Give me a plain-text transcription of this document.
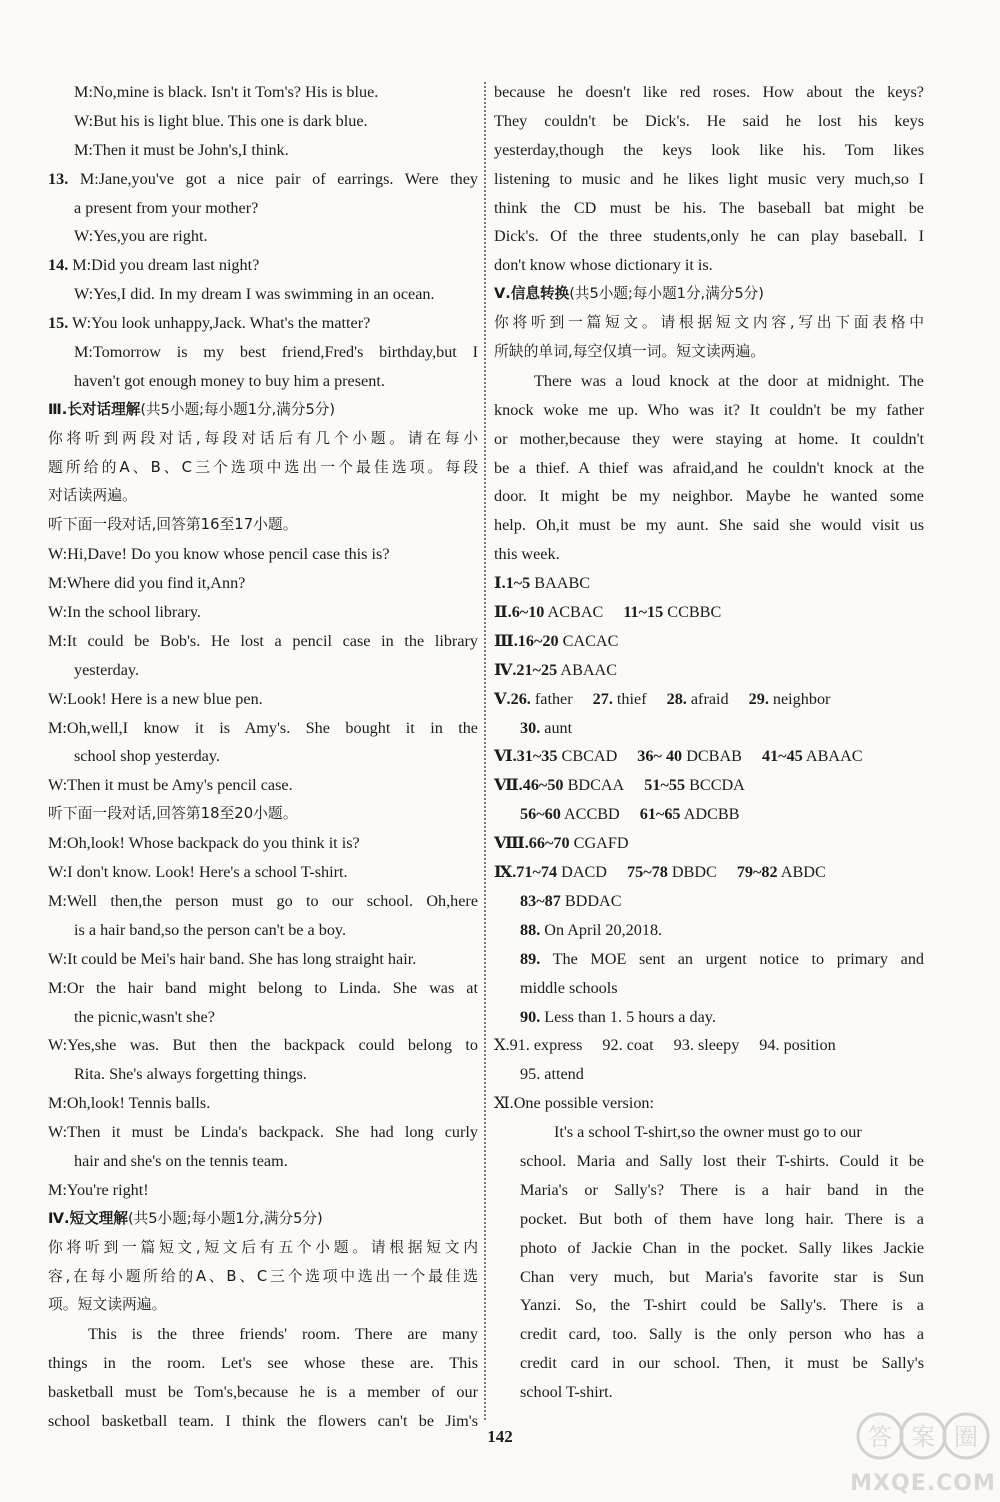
M:No,mine is black. Isn't it Tom's? His is blue.
W:But his is light blue. This one is dark blue.
M:Then it must be John's,I think.
13. M:Jane,you've got a nice pair of earrings. Were they
a present from your mother?
W:Yes,you are right.
14. M:Did you dream last night?
W:Yes,I did. In my dream I was swimming in an ocean.
15. W:You look unhappy,Jack. What's the matter?
M:Tomorrow is my best friend,Fred's birthday,but I
haven't got enough money to buy him a present.
Ⅲ.长对话理解(共5小题;每小题1分,满分5分)
你将听到两段对话,每段对话后有几个小题。请在每小
题所给的A、B、C三个选项中选出一个最佳选项。每段
对话读两遍。
听下面一段对话,回答第16至17小题。
W:Hi,Dave! Do you know whose pencil case this is?
M:Where did you find it,Ann?
W:In the school library.
M:It could be Bob's. He lost a pencil case in the library
yesterday.
W:Look! Here is a new blue pen.
M:Oh,well,I know it is Amy's. She bought it in the
school shop yesterday.
W:Then it must be Amy's pencil case.
听下面一段对话,回答第18至20小题。
M:Oh,look! Whose backpack do you think it is?
W:I don't know. Look! Here's a school T-shirt.
M:Well then,the person must go to our school. Oh,here
is a hair band,so the person can't be a boy.
W:It could be Mei's hair band. She has long straight hair.
M:Or the hair band might belong to Linda. She was at
the picnic,wasn't she?
W:Yes,she was. But then the backpack could belong to
Rita. She's always forgetting things.
M:Oh,look! Tennis balls.
W:Then it must be Linda's backpack. She had long curly
hair and she's on the tennis team.
M:You're right!
Ⅳ.短文理解(共5小题;每小题1分,满分5分)
你将听到一篇短文,短文后有五个小题。请根据短文内
容,在每小题所给的A、B、C三个选项中选出一个最佳选
项。短文读两遍。
This is the three friends' room. There are many
things in the room. Let's see whose these are. This
basketball must be Tom's,because he is a member of our
school basketball team. I think the flowers can't be Jim's
because he doesn't like red roses. How about the keys?
They couldn't be Dick's. He said he lost his keys
yesterday,though the keys look like his. Tom likes
listening to music and he likes light music very much,so I
think the CD must be his. The baseball bat might be
Dick's. Of the three students,only he can play baseball. I
don't know whose dictionary it is.
Ⅴ.信息转换(共5小题;每小题1分,满分5分)
你将听到一篇短文。请根据短文内容,写出下面表格中
所缺的单词,每空仅填一词。短文读两遍。
There was a loud knock at the door at midnight. The
knock woke me up. Who was it? It couldn't be my father
or mother,because they were staying at home. It couldn't
be a thief. A thief was afraid,and he couldn't knock at the
door. It might be my neighbor. Maybe he wanted some
help. Oh,it must be my aunt. She said she would visit us
this week.
Ⅰ.1~5 BAABC
Ⅱ.6~10 ACBAC 11~15 CCBBC
Ⅲ.16~20 CACAC
Ⅳ.21~25 ABAAC
Ⅴ.26. father 27. thief 28. afraid 29. neighbor
30. aunt
Ⅵ.31~35 CBCAD 36~ 40 DCBAB 41~45 ABAAC
Ⅶ.46~50 BDCAA 51~55 BCCDA
56~60 ACCBD 61~65 ADCBB
Ⅷ.66~70 CGAFD
Ⅸ.71~74 DACD 75~78 DBDC 79~82 ABDC
83~87 BDDAC
88. On April 20,2018.
89. The MOE sent an urgent notice to primary and
middle schools
90. Less than 1. 5 hours a day.
Ⅹ.91. express 92. coat 93. sleepy 94. position
95. attend
Ⅺ.One possible version:
It's a school T-shirt,so the owner must go to our
school. Maria and Sally lost their T-shirts. Could it be
Maria's or Sally's? There is a hair band in the
pocket. But both of them have long hair. There is a
photo of Jackie Chan in the pocket. Sally likes Jackie
Chan very much, but Maria's favorite star is Sun
Yanzi. So, the T-shirt could be Sally's. There is a
credit card, too. Sally is the only person who has a
credit card in our school. Then, it must be Sally's
school T-shirt.
142	答 案 圈
MXQE.COM
